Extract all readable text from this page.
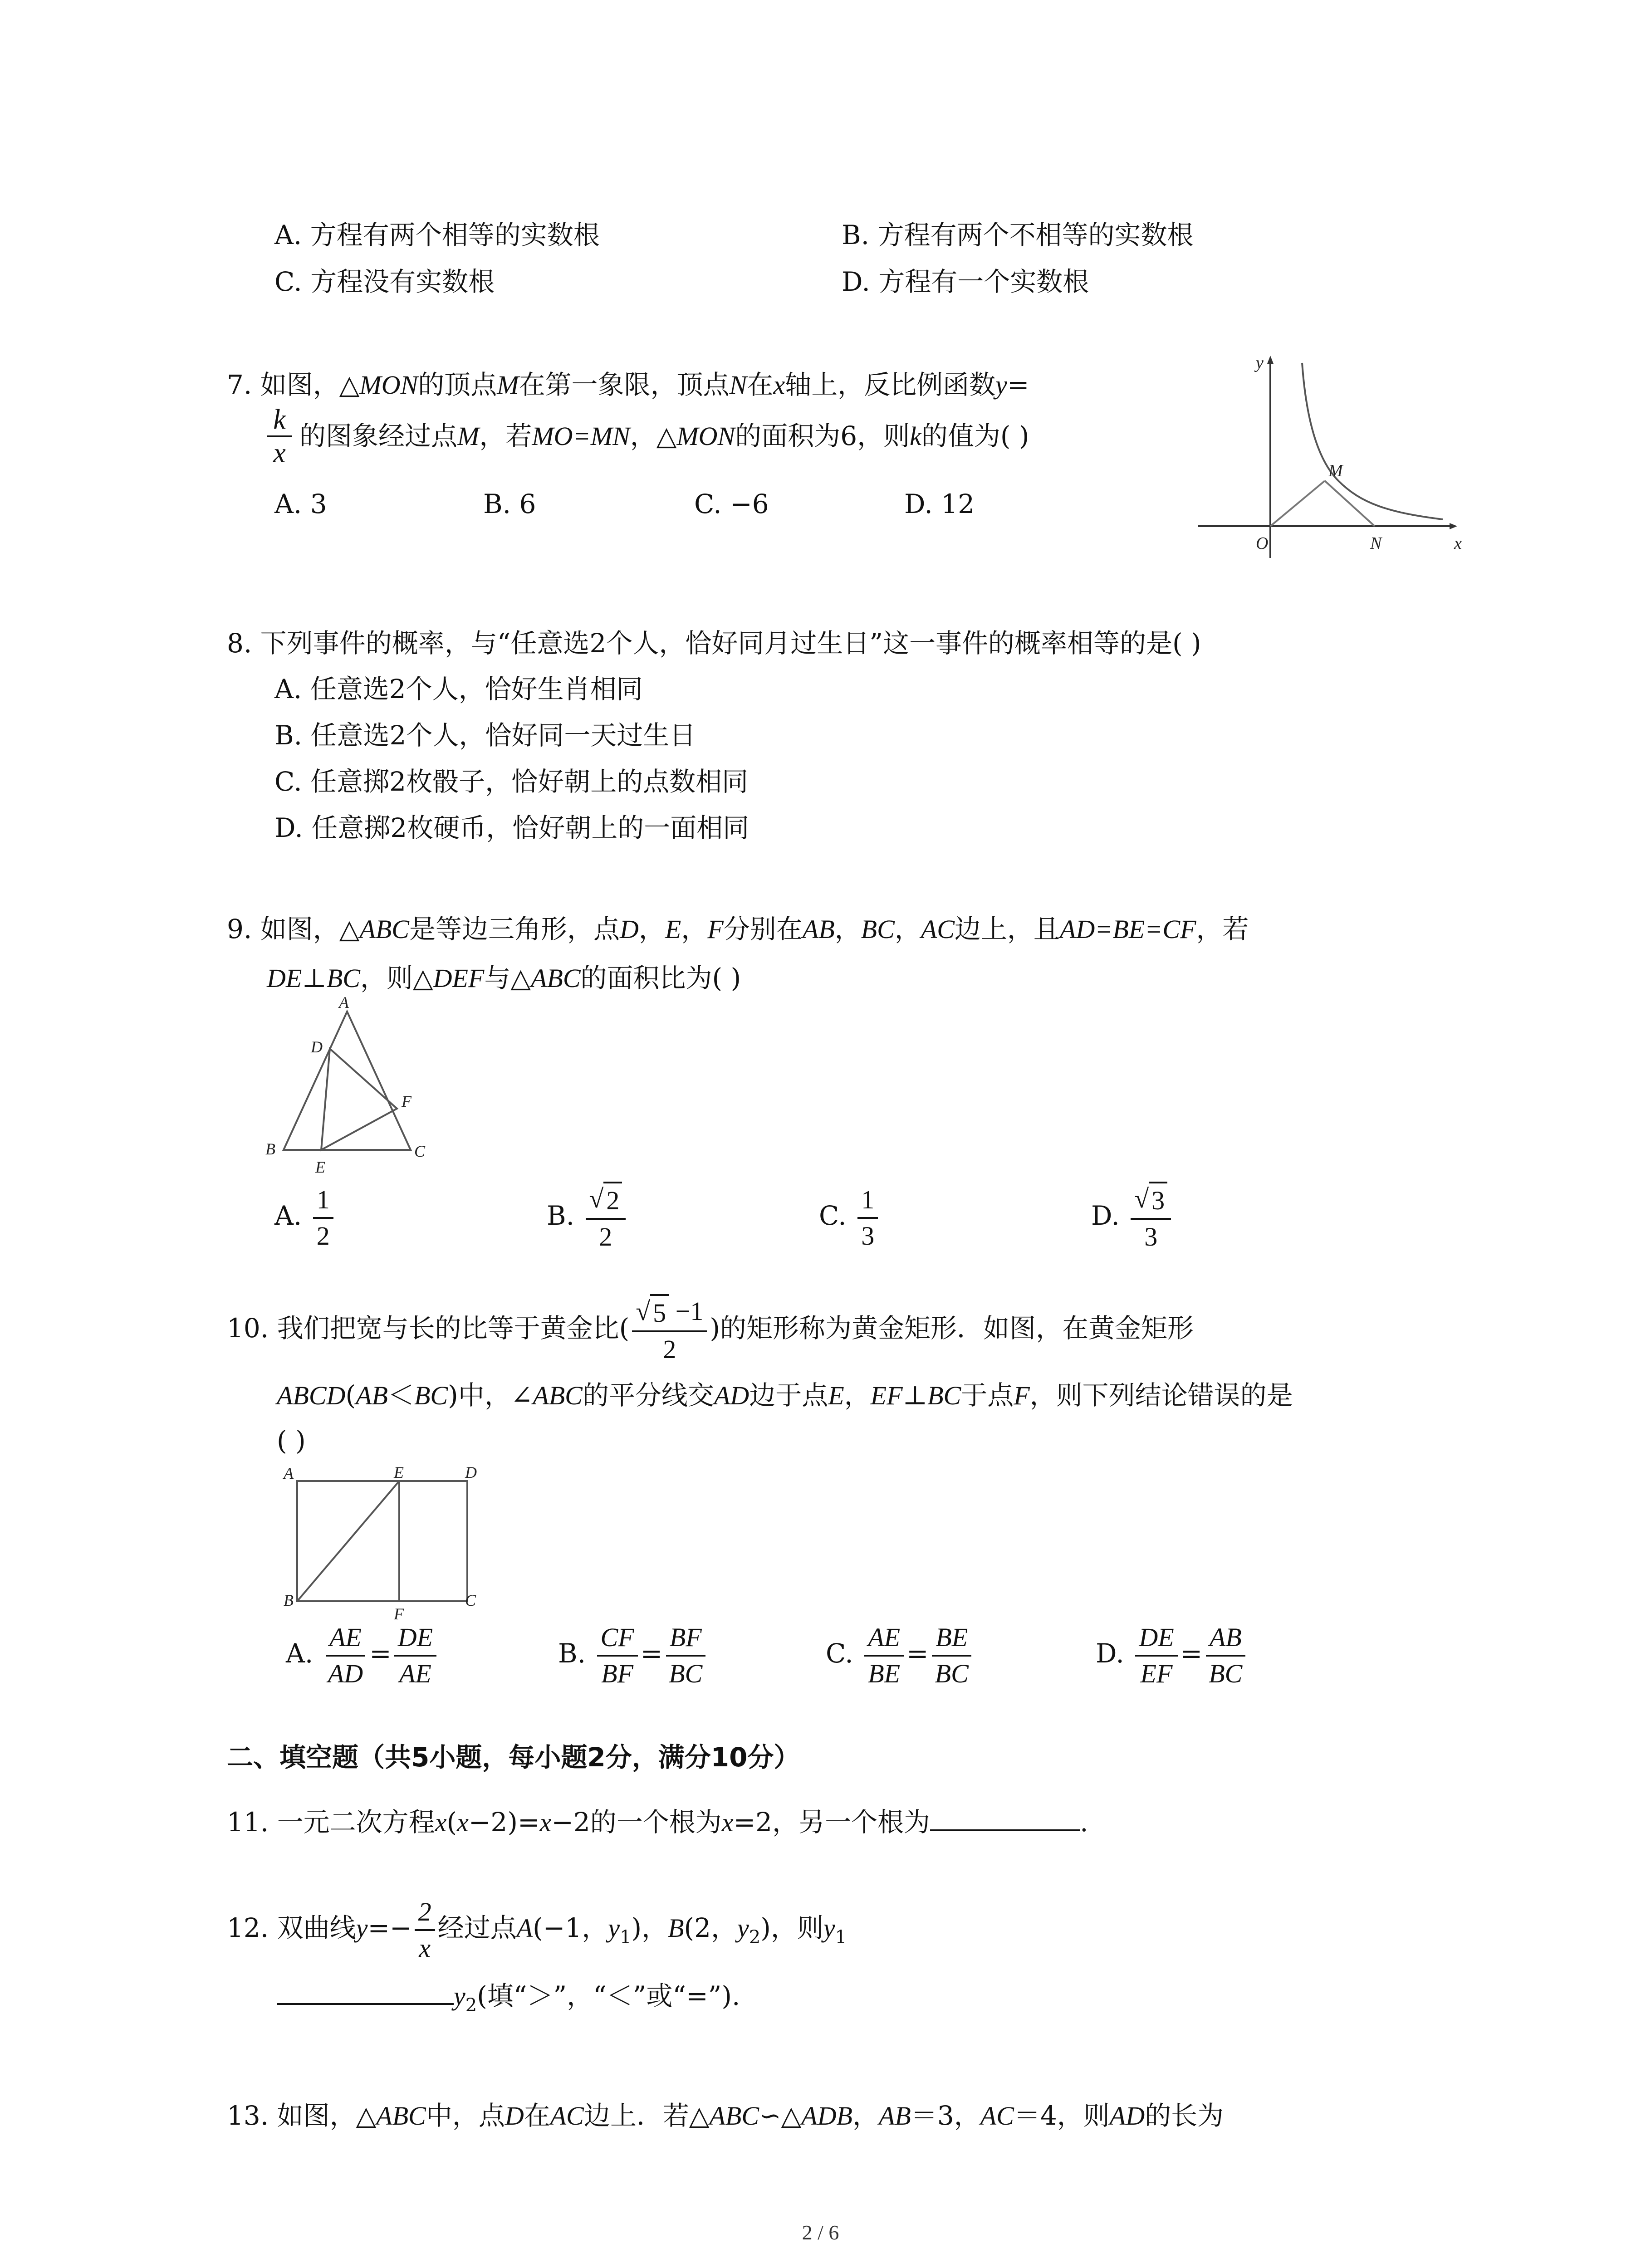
A. 方程有两个相等的实数根	B. 方程有两个不相等的实数根
C. 方程没有实数根	D. 方程有一个实数根
7. 如图，△MON的顶点M在第一象限，顶点N在x轴上，反比例函数y=
k
x
的图象经过点M，若MO=MN，△MON的面积为6，则k的值为( )
A. 3	B. 6	C. −6	D. 12
y
x
O
M
N
8. 下列事件的概率，与“任意选2个人，恰好同月过生日”这一事件的概率相等的是( )
A. 任意选2个人，恰好生肖相同
B. 任意选2个人，恰好同一天过生日
C. 任意掷2枚骰子，恰好朝上的点数相同
D. 任意掷2枚硬币，恰好朝上的一面相同
9. 如图，△ABC是等边三角形，点D，E，F分别在AB，BC，AC边上，且AD=BE=CF，若
DE⊥BC，则△DEF与△ABC的面积比为( )
A
D
F
B
E
C
A. $\frac{1}{2}$	B. $\frac{√ 2}{2}$	C. $\frac{1}{3}$	D. $\frac{√ 3}{3}$
10. 我们把宽与长的比等于黄金比( $\frac{√ 5 -1}{2}$ )的矩形称为黄金矩形．如图，在黄金矩形
ABCD(AB＜BC)中，∠ABC的平分线交AD边于点E，EF⊥BC于点F，则下列结论错误的是
( )
A	E	D
B
F
C
A. $\frac{AE}{AD} = \frac{DE}{AE}$	B. $\frac{CF}{BF} = \frac{BF}{BC}$	C. $\frac{AE}{BE} = \frac{BE}{BC}$	D. $\frac{DE}{EF} = \frac{AB}{BC}$
二、填空题（共5小题，每小题2分，满分10分）
11. 一元二次方程x(x−2)=x−2的一个根为x=2，另一个根为	.
12. 双曲线$y=- \frac{2}{x}$ 经过点A(−1，$y_1$)，B(2，$y_2$)，则$y_1$
$y_2$(填“＞”，“＜”或“=”).
13. 如图，△ABC中，点D在AC边上．若△ABC∽△ADB，AB＝3，AC＝4，则AD的长为
2 / 6
